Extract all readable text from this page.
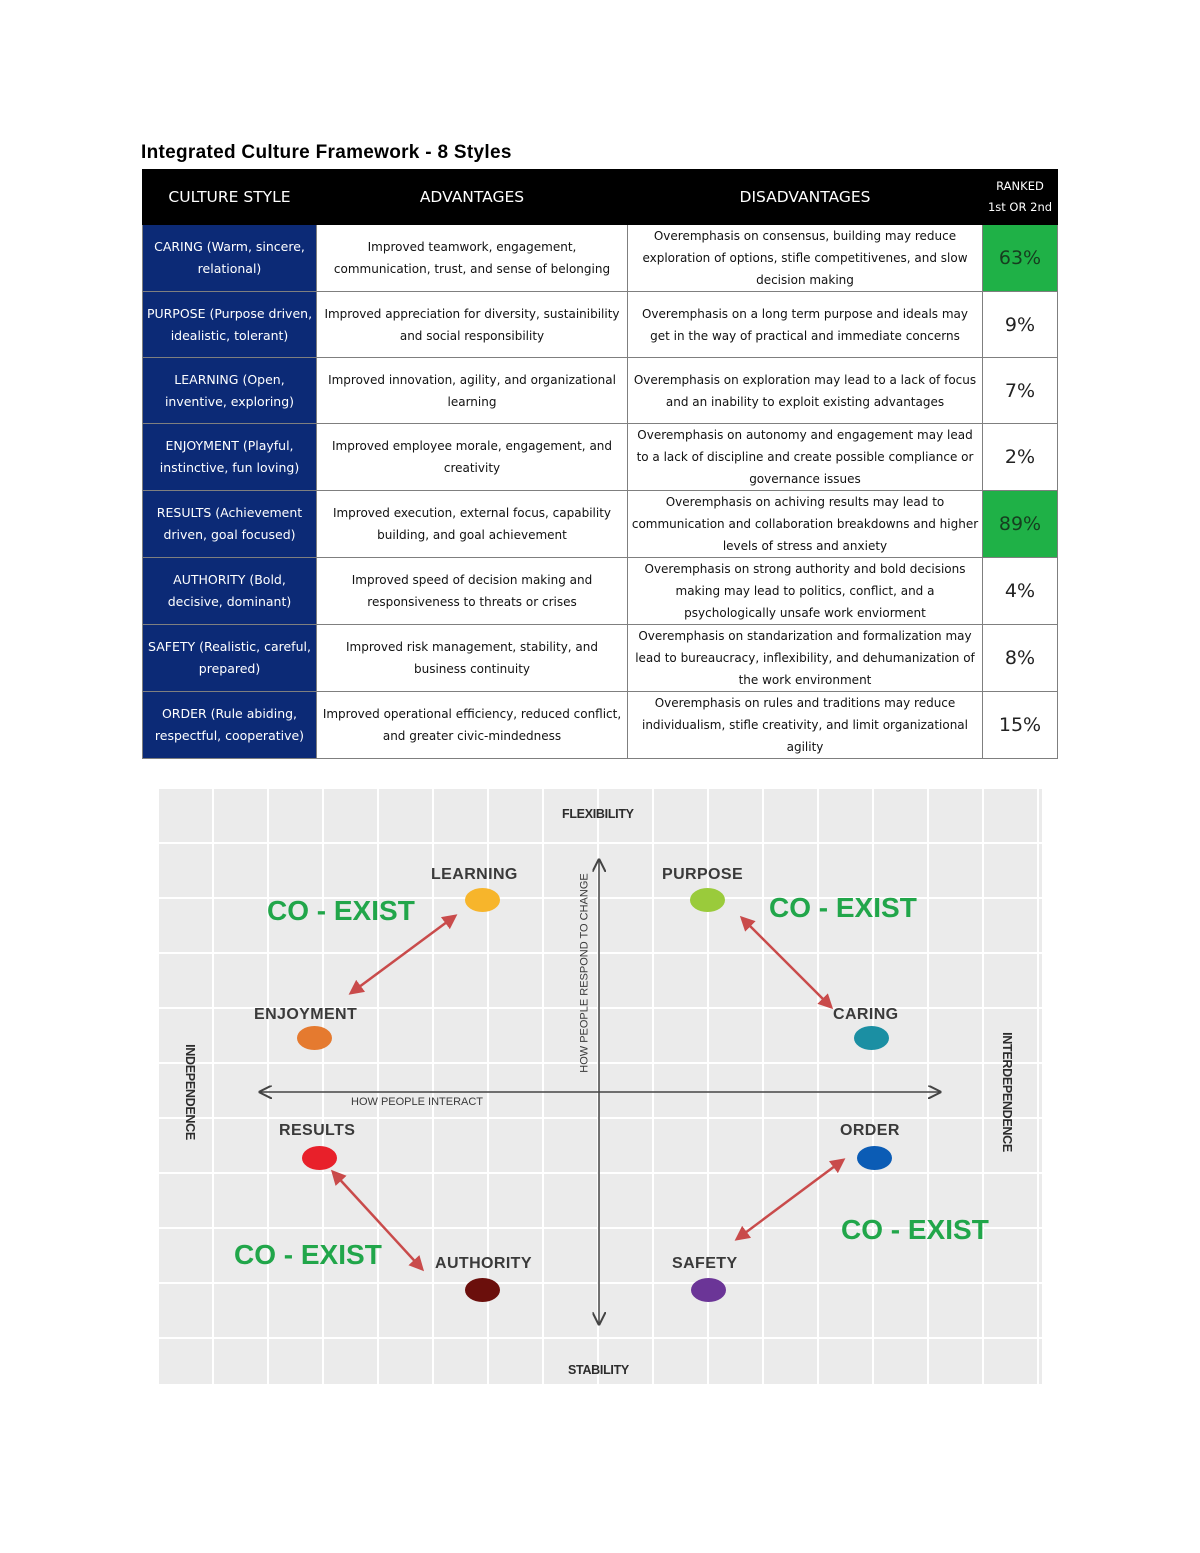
Integrated Culture Framework - 8 Styles
CULTURE STYLE	ADVANTAGES	DISADVANTAGES	RANKED
1st OR 2nd

CARING (Warm, sincere, relational)	Improved teamwork, engagement, communication, trust, and sense of belonging	Overemphasis on consensus, building may reduce exploration of options, stifle competitivenes, and slow decision making	63%
PURPOSE (Purpose driven, idealistic, tolerant)	Improved appreciation for diversity, sustainibility and social responsibility	Overemphasis on a long term purpose and ideals may get in the way of practical and immediate concerns	9%
LEARNING (Open, inventive, exploring)	Improved innovation, agility, and organizational learning	Overemphasis on exploration may lead to a lack of focus and an inability to exploit existing advantages	7%
ENJOYMENT (Playful, instinctive, fun loving)	Improved employee morale, engagement, and creativity	Overemphasis on autonomy and engagement may lead to a lack of discipline and create possible compliance or governance issues	2%
RESULTS (Achievement driven, goal focused)	Improved execution, external focus, capability building, and goal achievement	Overemphasis on achiving results may lead to communication and collaboration breakdowns and higher levels of stress and anxiety	89%
AUTHORITY (Bold, decisive, dominant)	Improved speed of decision making and responsiveness to threats or crises	Overemphasis on strong authority and bold decisions making may lead to politics, conflict, and a psychologically unsafe work enviorment	4%
SAFETY (Realistic, careful, prepared)	Improved risk management, stability, and business continuity	Overemphasis on standarization and formalization may lead to bureaucracy, inflexibility, and dehumanization of the work environment	8%
ORDER (Rule abiding, respectful, cooperative)	Improved operational efficiency, reduced conflict, and greater civic-mindedness	Overemphasis on rules and traditions may reduce individualism, stifle creativity, and limit organizational agility	15%
FLEXIBILITY
STABILITY
INDEPENDENCE	INTERDEPENDENCE
HOW PEOPLE INTERACT
HOW PEOPLE RESPOND TO CHANGE
LEARNING	PURPOSE
ENJOYMENT	CARING
RESULTS	ORDER
AUTHORITY	SAFETY
CO - EXIST	CO - EXIST
CO - EXIST
CO - EXIST
